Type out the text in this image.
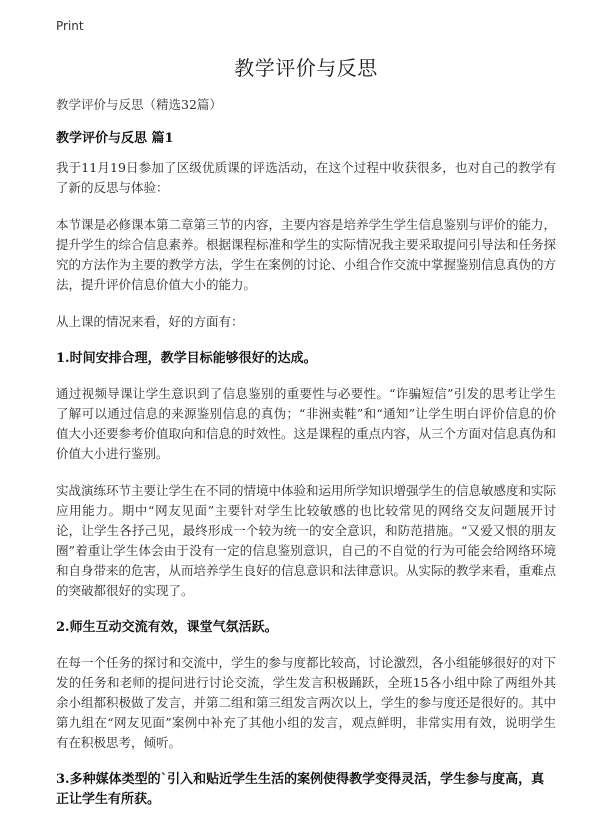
Print
教学评价与反思
教学评价与反思（精选32篇）
教学评价与反思 篇1

我于11月19日参加了区级优质课的评选活动，在这个过程中收获很多，也对自己的教学有了新的反思与体验：

本节课是必修课本第二章第三节的内容，主要内容是培养学生学生信息鉴别与评价的能力，提升学生的综合信息素养。根据课程标准和学生的实际情况我主要采取提问引导法和任务探究的方法作为主要的教学方法，学生在案例的讨论、小组合作交流中掌握鉴别信息真伪的方法，提升评价信息价值大小的能力。

从上课的情况来看，好的方面有：

1.时间安排合理，教学目标能够很好的达成。

通过视频导课让学生意识到了信息鉴别的重要性与必要性。“诈骗短信”引发的思考让学生了解可以通过信息的来源鉴别信息的真伪；“非洲卖鞋”和“通知”让学生明白评价信息的价值大小还要参考价值取向和信息的时效性。这是课程的重点内容，从三个方面对信息真伪和价值大小进行鉴别。

实战演练环节主要让学生在不同的情境中体验和运用所学知识增强学生的信息敏感度和实际应用能力。期中“网友见面”主要针对学生比较敏感的也比较常见的网络交友问题展开讨论，让学生各抒己见，最终形成一个较为统一的安全意识，和防范措施。“又爱又恨的朋友圈”着重让学生体会由于没有一定的信息鉴别意识，自己的不自觉的行为可能会给网络环境和自身带来的危害，从而培养学生良好的信息意识和法律意识。从实际的教学来看，重难点的突破都很好的实现了。

2.师生互动交流有效，课堂气氛活跃。

在每一个任务的探讨和交流中，学生的参与度都比较高，讨论激烈，各小组能够很好的对下发的任务和老师的提问进行讨论交流，学生发言积极踊跃，全班15各小组中除了两组外其余小组都积极做了发言，并第二组和第三组发言两次以上，学生的参与度还是很好的。其中第九组在“网友见面”案例中补充了其他小组的发言，观点鲜明，非常实用有效，说明学生有在积极思考，倾听。

3.多种媒体类型的`引入和贴近学生生活的案例使得教学变得灵活，学生参与度高，真正让学生有所获。
